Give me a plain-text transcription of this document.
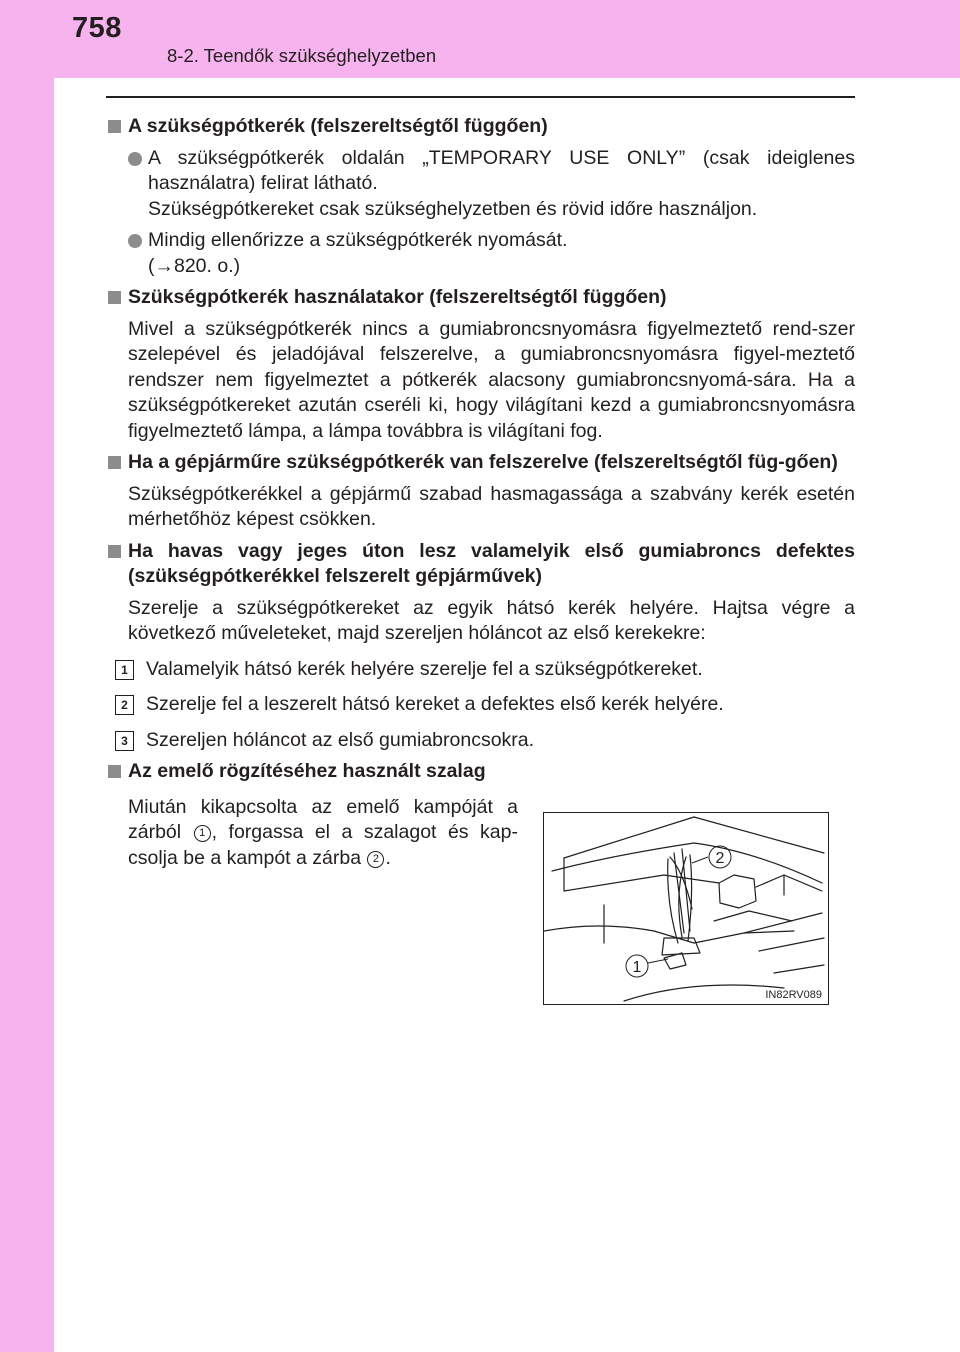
758
8-2. Teendők szükséghelyzetben
A szükségpótkerék (felszereltségtől függően)
A szükségpótkerék oldalán „TEMPORARY USE ONLY” (csak ideiglenes használatra) felirat látható.
Szükségpótkereket csak szükséghelyzetben és rövid időre használjon.
Mindig ellenőrizze a szükségpótkerék nyomását.
(→820. o.)
Szükségpótkerék használatakor (felszereltségtől függően)
Mivel a szükségpótkerék nincs a gumiabroncsnyomásra figyelmeztető rend-szer szelepével és jeladójával felszerelve, a gumiabroncsnyomásra figyel-meztető rendszer nem figyelmeztet a pótkerék alacsony gumiabroncsnyomá-sára. Ha a szükségpótkereket azután cseréli ki, hogy világítani kezd a gumiabroncsnyomásra figyelmeztető lámpa, a lámpa továbbra is világítani fog.
Ha a gépjárműre szükségpótkerék van felszerelve (felszereltségtől füg-gően)
Szükségpótkerékkel a gépjármű szabad hasmagassága a szabvány kerék esetén mérhetőhöz képest csökken.
Ha havas vagy jeges úton lesz valamelyik első gumiabroncs defektes (szükségpótkerékkel felszerelt gépjárművek)
Szerelje a szükségpótkereket az egyik hátsó kerék helyére. Hajtsa végre a következő műveleteket, majd szereljen hóláncot az első kerekekre:
1 Valamelyik hátsó kerék helyére szerelje fel a szükségpótkereket.
2 Szerelje fel a leszerelt hátsó kereket a defektes első kerék helyére.
3 Szereljen hóláncot az első gumiabroncsokra.
Az emelő rögzítéséhez használt szalag
Miután kikapcsolta az emelő kampóját a zárból 1 , forgassa el a szalagot és kap-csolja be a kampót a zárba 2 .	2
1
IN82RV089
